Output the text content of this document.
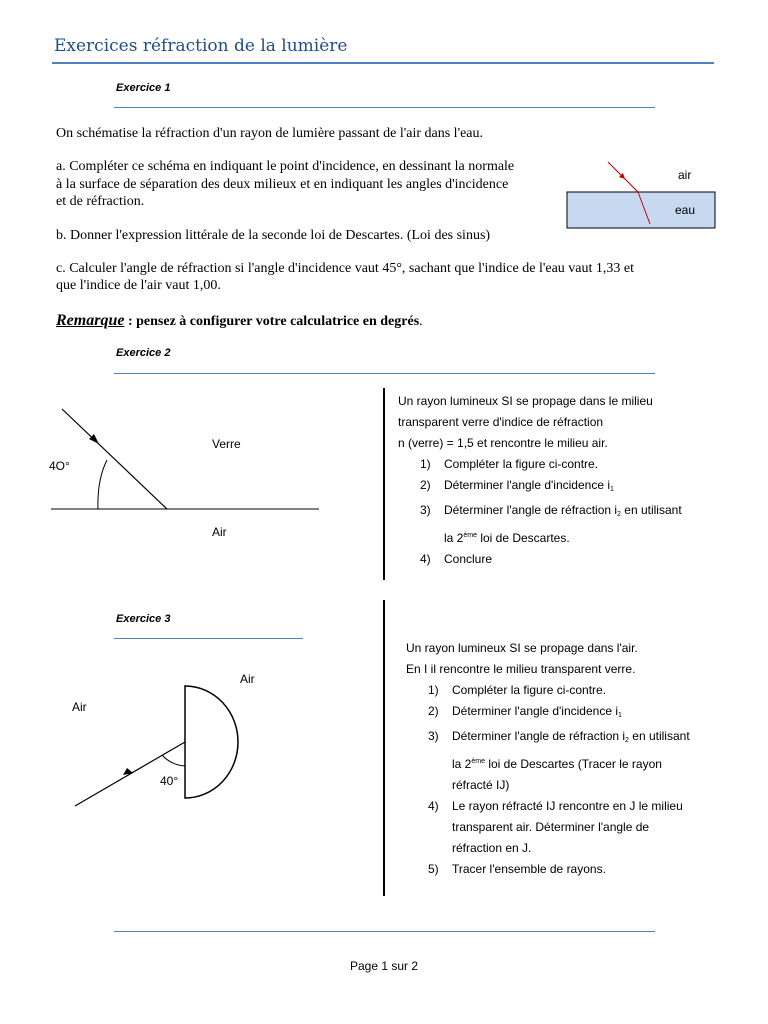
Exercices réfraction de la lumière
Exercice 1
On schématise la réfraction d'un rayon de lumière passant de l'air dans l'eau.
a. Compléter ce schéma en indiquant le point d'incidence, en dessinant la normale
à la surface de séparation des deux milieux et en indiquant les angles d'incidence
et de réfraction.
b. Donner l'expression littérale de la seconde loi de Descartes. (Loi des sinus)
c. Calculer l'angle de réfraction si l'angle d'incidence vaut 45°, sachant que l'indice de l'eau vaut 1,33 et
que l'indice de l'air vaut 1,00.
air
eau
Remarque : pensez à configurer votre calculatrice en degrés.
Exercice 2
4O°
Verre
Air
Un rayon lumineux SI se propage dans le milieu
transparent verre d'indice de réfraction
n (verre) = 1,5 et rencontre le milieu air.
1) Compléter la figure ci-contre.
2) Déterminer l'angle d'incidence $i_1$
3) Déterminer l'angle de réfraction $i_2$ en utilisant
la 2ème loi de Descartes.
4) Conclure
Exercice 3
40°
Air
Air
Un rayon lumineux SI se propage dans l'air.
En I il rencontre le milieu transparent verre.
1) Compléter la figure ci-contre.
2) Déterminer l'angle d'incidence $i_1$
3) Déterminer l'angle de réfraction $i_2$ en utilisant
la 2ème loi de Descartes (Tracer le rayon
réfracté IJ)
4) Le rayon réfracté IJ rencontre en J le milieu
transparent air. Déterminer l'angle de
réfraction en J.
5) Tracer l'ensemble de rayons.
Page 1 sur 2
